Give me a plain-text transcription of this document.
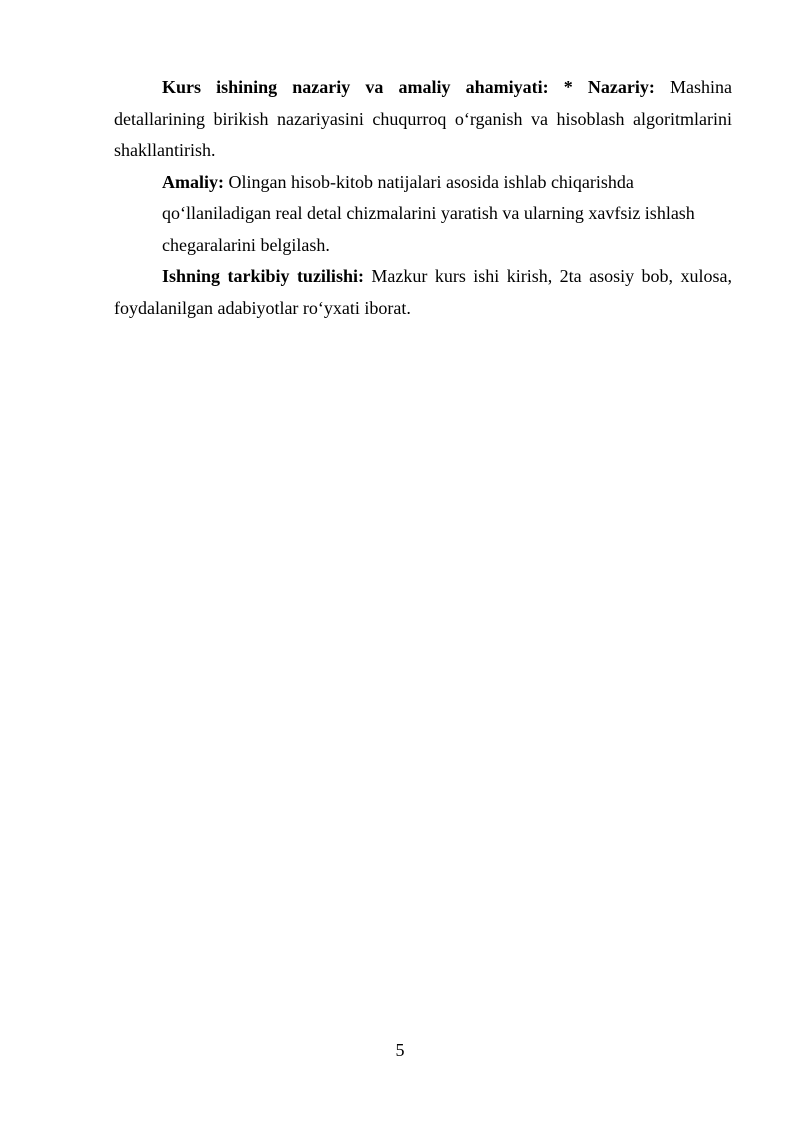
Kurs ishining nazariy va amaliy ahamiyati: * Nazariy: Mashina detallarining birikish nazariyasini chuqurroq o‘rganish va hisoblash algoritmlarini shakllantirish.

Amaliy: Olingan hisob-kitob natijalari asosida ishlab chiqarishda qo‘llaniladigan real detal chizmalarini yaratish va ularning xavfsiz ishlash chegaralarini belgilash.

Ishning tarkibiy tuzilishi: Mazkur kurs ishi kirish, 2ta asosiy bob, xulosa, foydalanilgan adabiyotlar ro‘yxati iborat.

5
